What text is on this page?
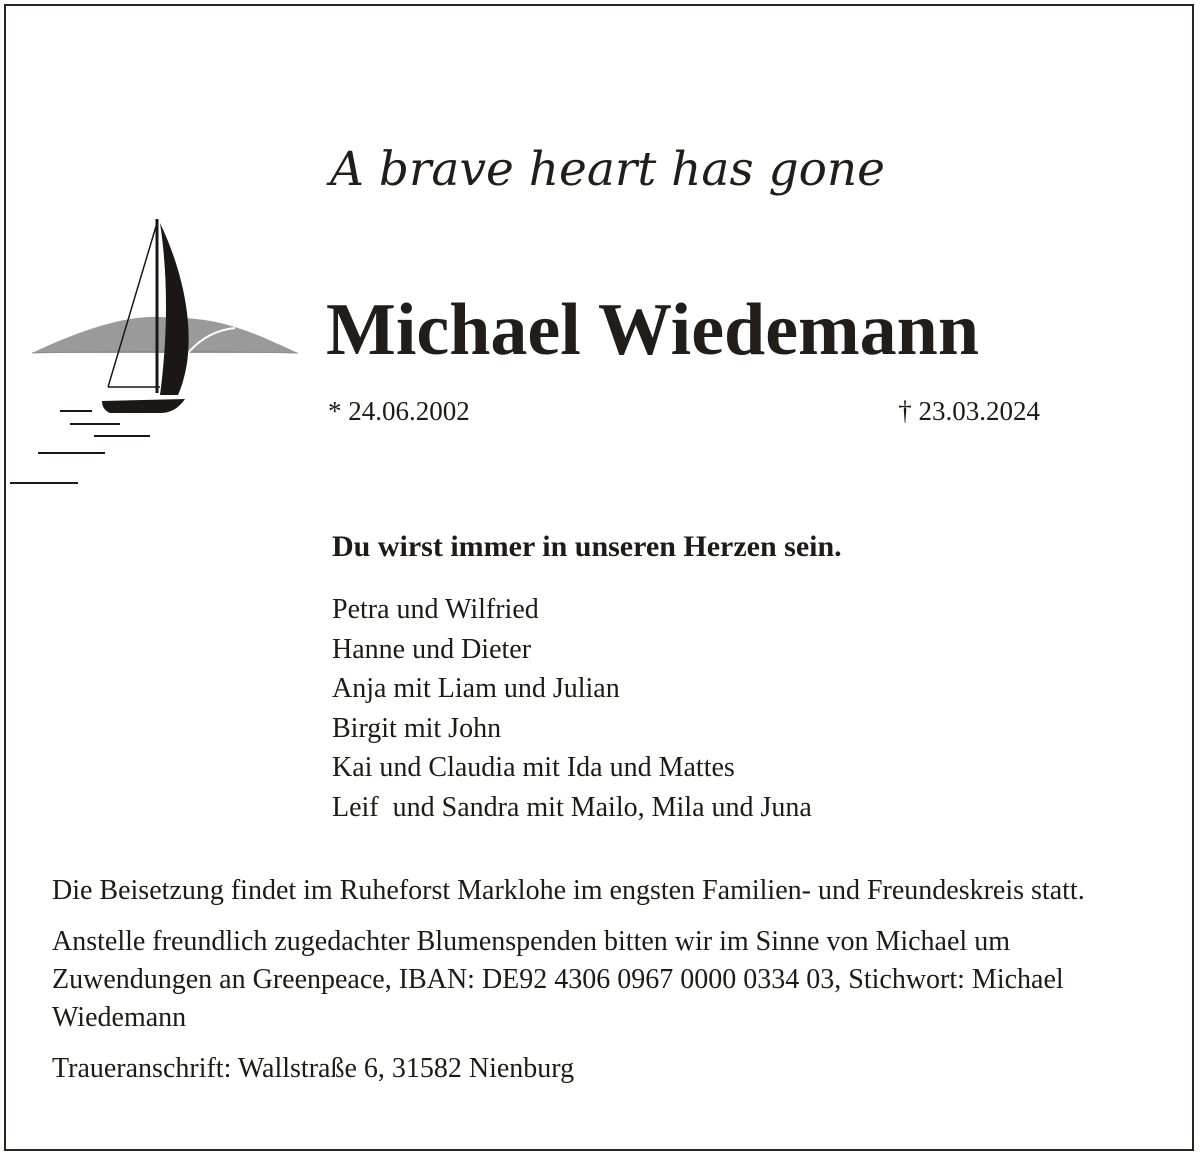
A brave heart has gone
Michael Wiedemann
* 24.06.2002	† 23.03.2024
Du wirst immer in unseren Herzen sein.
Petra und Wilfried
Hanne und Dieter
Anja mit Liam und Julian
Birgit mit John
Kai und Claudia mit Ida und Mattes
Leif  und Sandra mit Mailo, Mila und Juna

Die Beisetzung findet im Ruheforst Marklohe im engsten Familien- und Freundeskreis statt.

Anstelle freundlich zugedachter Blumenspenden bitten wir im Sinne von Michael um Zuwendungen an Greenpeace, IBAN: DE92 4306 0967 0000 0334 03, Stichwort: Michael Wiedemann

Traueranschrift: Wallstraße 6, 31582 Nienburg
